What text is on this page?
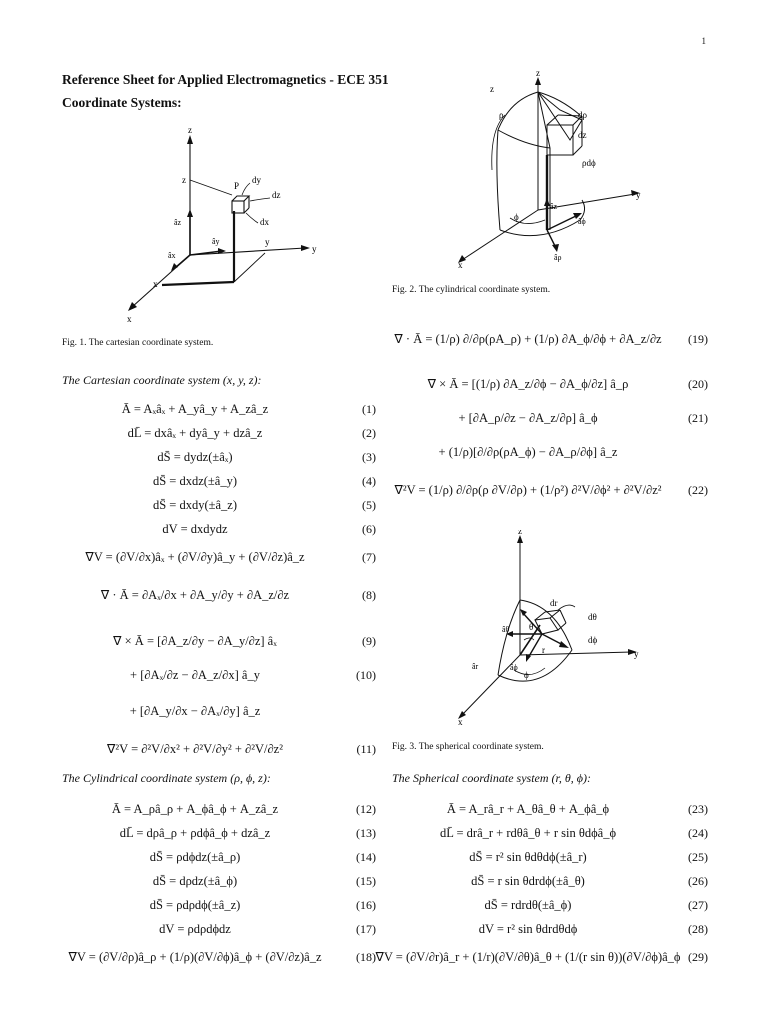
1
Reference Sheet for Applied Electromagnetics - ECE 351
Coordinate Systems:
z
z
P
dy
dz
dx
âz
ây
âx
y
y
x
x
Fig. 1. The cartesian coordinate system.
z
z
ρ	dρ
dz
ρdϕ
y
âz
âϕ
ϕ
âρ
x
Fig. 2. The cylindrical coordinate system.
z
dr
dθ
dϕ
âθ θ
r
âr	âϕ
ϕ
y
x
Fig. 3. The spherical coordinate system.
The Cartesian coordinate system (x, y, z):
The Cylindrical coordinate system (ρ, ϕ, z):	The Spherical coordinate system (r, θ, ϕ):
Ā = Aₓâₓ + A_yâ_y + A_zâ_z	(1)
dL̄ = dxâₓ + dyâ_y + dzâ_z	(2)
dS̄ = dydz(±âₓ)	(3)
dS̄ = dxdz(±â_y)	(4)
dS̄ = dxdy(±â_z)	(5)
dV = dxdydz	(6)
∇V = (∂V/∂x)âₓ + (∂V/∂y)â_y + (∂V/∂z)â_z	(7)
∇ · Ā = ∂Aₓ/∂x + ∂A_y/∂y + ∂A_z/∂z	(8)
∇ × Ā = [∂A_z/∂y − ∂A_y/∂z] âₓ	(9)
+ [∂Aₓ/∂z − ∂A_z/∂x] â_y	(10)
+ [∂A_y/∂x − ∂Aₓ/∂y] â_z
∇²V = ∂²V/∂x² + ∂²V/∂y² + ∂²V/∂z²	(11)
Ā = A_ρâ_ρ + A_ϕâ_ϕ + A_zâ_z	(12)
dL̄ = dρâ_ρ + ρdϕâ_ϕ + dzâ_z	(13)
dS̄ = ρdϕdz(±â_ρ)	(14)
dS̄ = dρdz(±â_ϕ)	(15)
dS̄ = ρdρdϕ(±â_z)	(16)
dV = ρdρdϕdz	(17)
∇V = (∂V/∂ρ)â_ρ + (1/ρ)(∂V/∂ϕ)â_ϕ + (∂V/∂z)â_z	(18)
∇ · Ā = (1/ρ) ∂/∂ρ(ρA_ρ) + (1/ρ) ∂A_ϕ/∂ϕ + ∂A_z/∂z	(19)
∇ × Ā = [(1/ρ) ∂A_z/∂ϕ − ∂A_ϕ/∂z] â_ρ	(20)
+ [∂A_ρ/∂z − ∂A_z/∂ρ] â_ϕ	(21)
+ (1/ρ)[∂/∂ρ(ρA_ϕ) − ∂A_ρ/∂ϕ] â_z
∇²V = (1/ρ) ∂/∂ρ(ρ ∂V/∂ρ) + (1/ρ²) ∂²V/∂ϕ² + ∂²V/∂z²	(22)
Ā = A_râ_r + A_θâ_θ + A_ϕâ_ϕ	(23)
dL̄ = drâ_r + rdθâ_θ + r sin θdϕâ_ϕ	(24)
dS̄ = r² sin θdθdϕ(±â_r)	(25)
dS̄ = r sin θdrdϕ(±â_θ)	(26)
dS̄ = rdrdθ(±â_ϕ)	(27)
dV = r² sin θdrdθdϕ	(28)
∇V = (∂V/∂r)â_r + (1/r)(∂V/∂θ)â_θ + (1/(r sin θ))(∂V/∂ϕ)â_ϕ (29)
